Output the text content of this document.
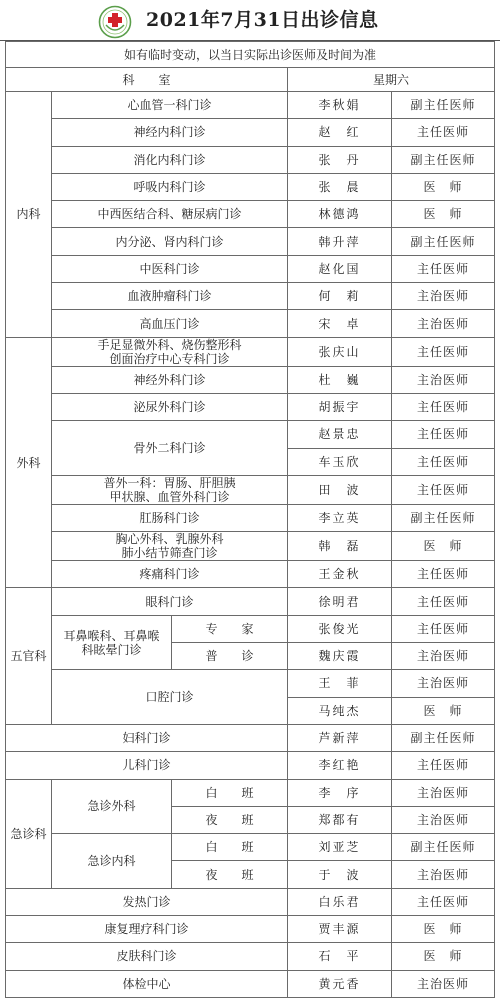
2021年7月31日出诊信息
如有临时变动，以当日实际出诊医师及时间为准				
科　　室			星期六	
内科	心血管一科门诊		李秋娟	副主任医师
	神经内科门诊		赵　红	主任医师
	消化内科门诊		张　丹	副主任医师
	呼吸内科门诊		张　晨	医　师
	中西医结合科、糖尿病门诊		林德鸿	医　师
	内分泌、肾内科门诊		韩升萍	副主任医师
	中医科门诊		赵化国	主任医师
	血液肿瘤科门诊		何　莉	主治医师
	高血压门诊		宋　卓	主治医师
外科	手足显微外科、烧伤整形科
创面治疗中心专科门诊		张庆山	主任医师
	神经外科门诊		杜　巍	主治医师
	泌尿外科门诊		胡振宇	主任医师
	骨外二科门诊		赵景忠	主任医师
			车玉欣	主任医师

	普外一科：胃肠、肝胆胰
甲状腺、血管外科门诊		田　波	主任医师
	肛肠科门诊		李立英	副主任医师

	胸心外科、乳腺外科
肺小结节筛查门诊		韩　磊	医　师
	疼痛科门诊		王金秋	主任医师
五官科	眼科门诊		徐明君	主任医师

	耳鼻喉科、耳鼻喉
科眩晕门诊	专　　家	张俊光	主任医师
		普　　诊	魏庆霞	主治医师
	口腔门诊		王　菲	主治医师
			马纯杰	医　师
妇科门诊			芦新萍	副主任医师
儿科门诊			李红艳	主任医师
急诊科	急诊外科	白　　班	李　序	主治医师
		夜　　班	郑都有	主治医师
	急诊内科	白　　班	刘亚芝	副主任医师
		夜　　班	于　波	主治医师
发热门诊			白乐君	主任医师
康复理疗科门诊			贾丰源	医　师
皮肤科门诊			石　平	医　师
体检中心			黄元香	主治医师
